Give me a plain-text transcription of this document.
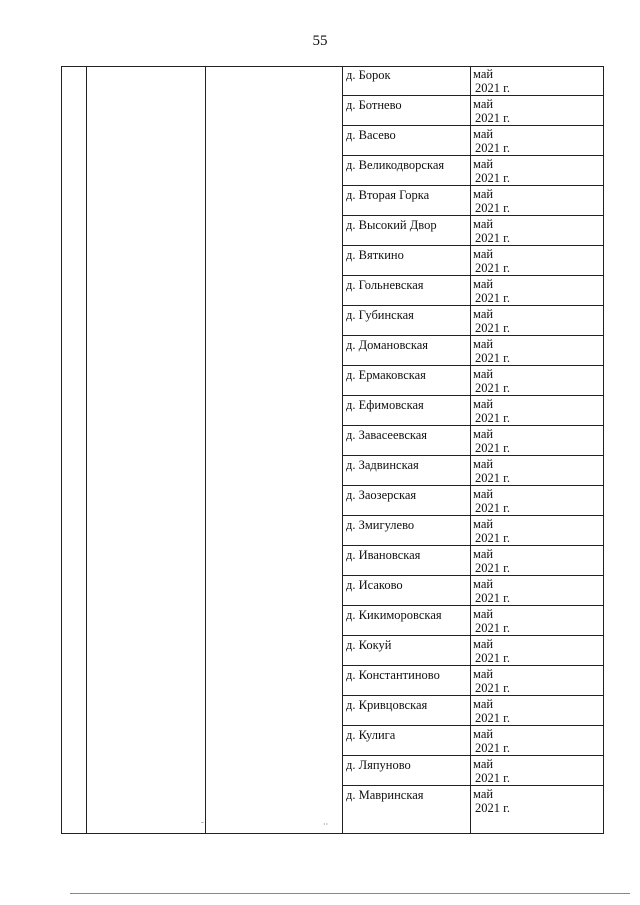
55
˗	··
д. Борок	май
2021 г.
д. Ботнево	май
2021 г.
д. Васево	май
2021 г.
д. Великодворская май
2021 г.
д. Вторая Горка	май
2021 г.
д. Высокий Двор	май
2021 г.
д. Вяткино	май
2021 г.
д. Гольневская	май
2021 г.
д. Губинская	май
2021 г.
д. Домановская	май
2021 г.
д. Ермаковская	май
2021 г.
д. Ефимовская	май
2021 г.
д. Завасеевская	май
2021 г.
д. Задвинская	май
2021 г.
д. Заозерская	май
2021 г.
д. Змигулево	май
2021 г.
д. Ивановская	май
2021 г.
д. Исаково	май
2021 г.
д. Кикиморовская	май
2021 г.
д. Кокуй	май
2021 г.
д. Константиново	май
2021 г.
д. Кривцовская	май
2021 г.
д. Кулига	май
2021 г.
д. Ляпуново	май
2021 г.
д. Мавринская	май
2021 г.
